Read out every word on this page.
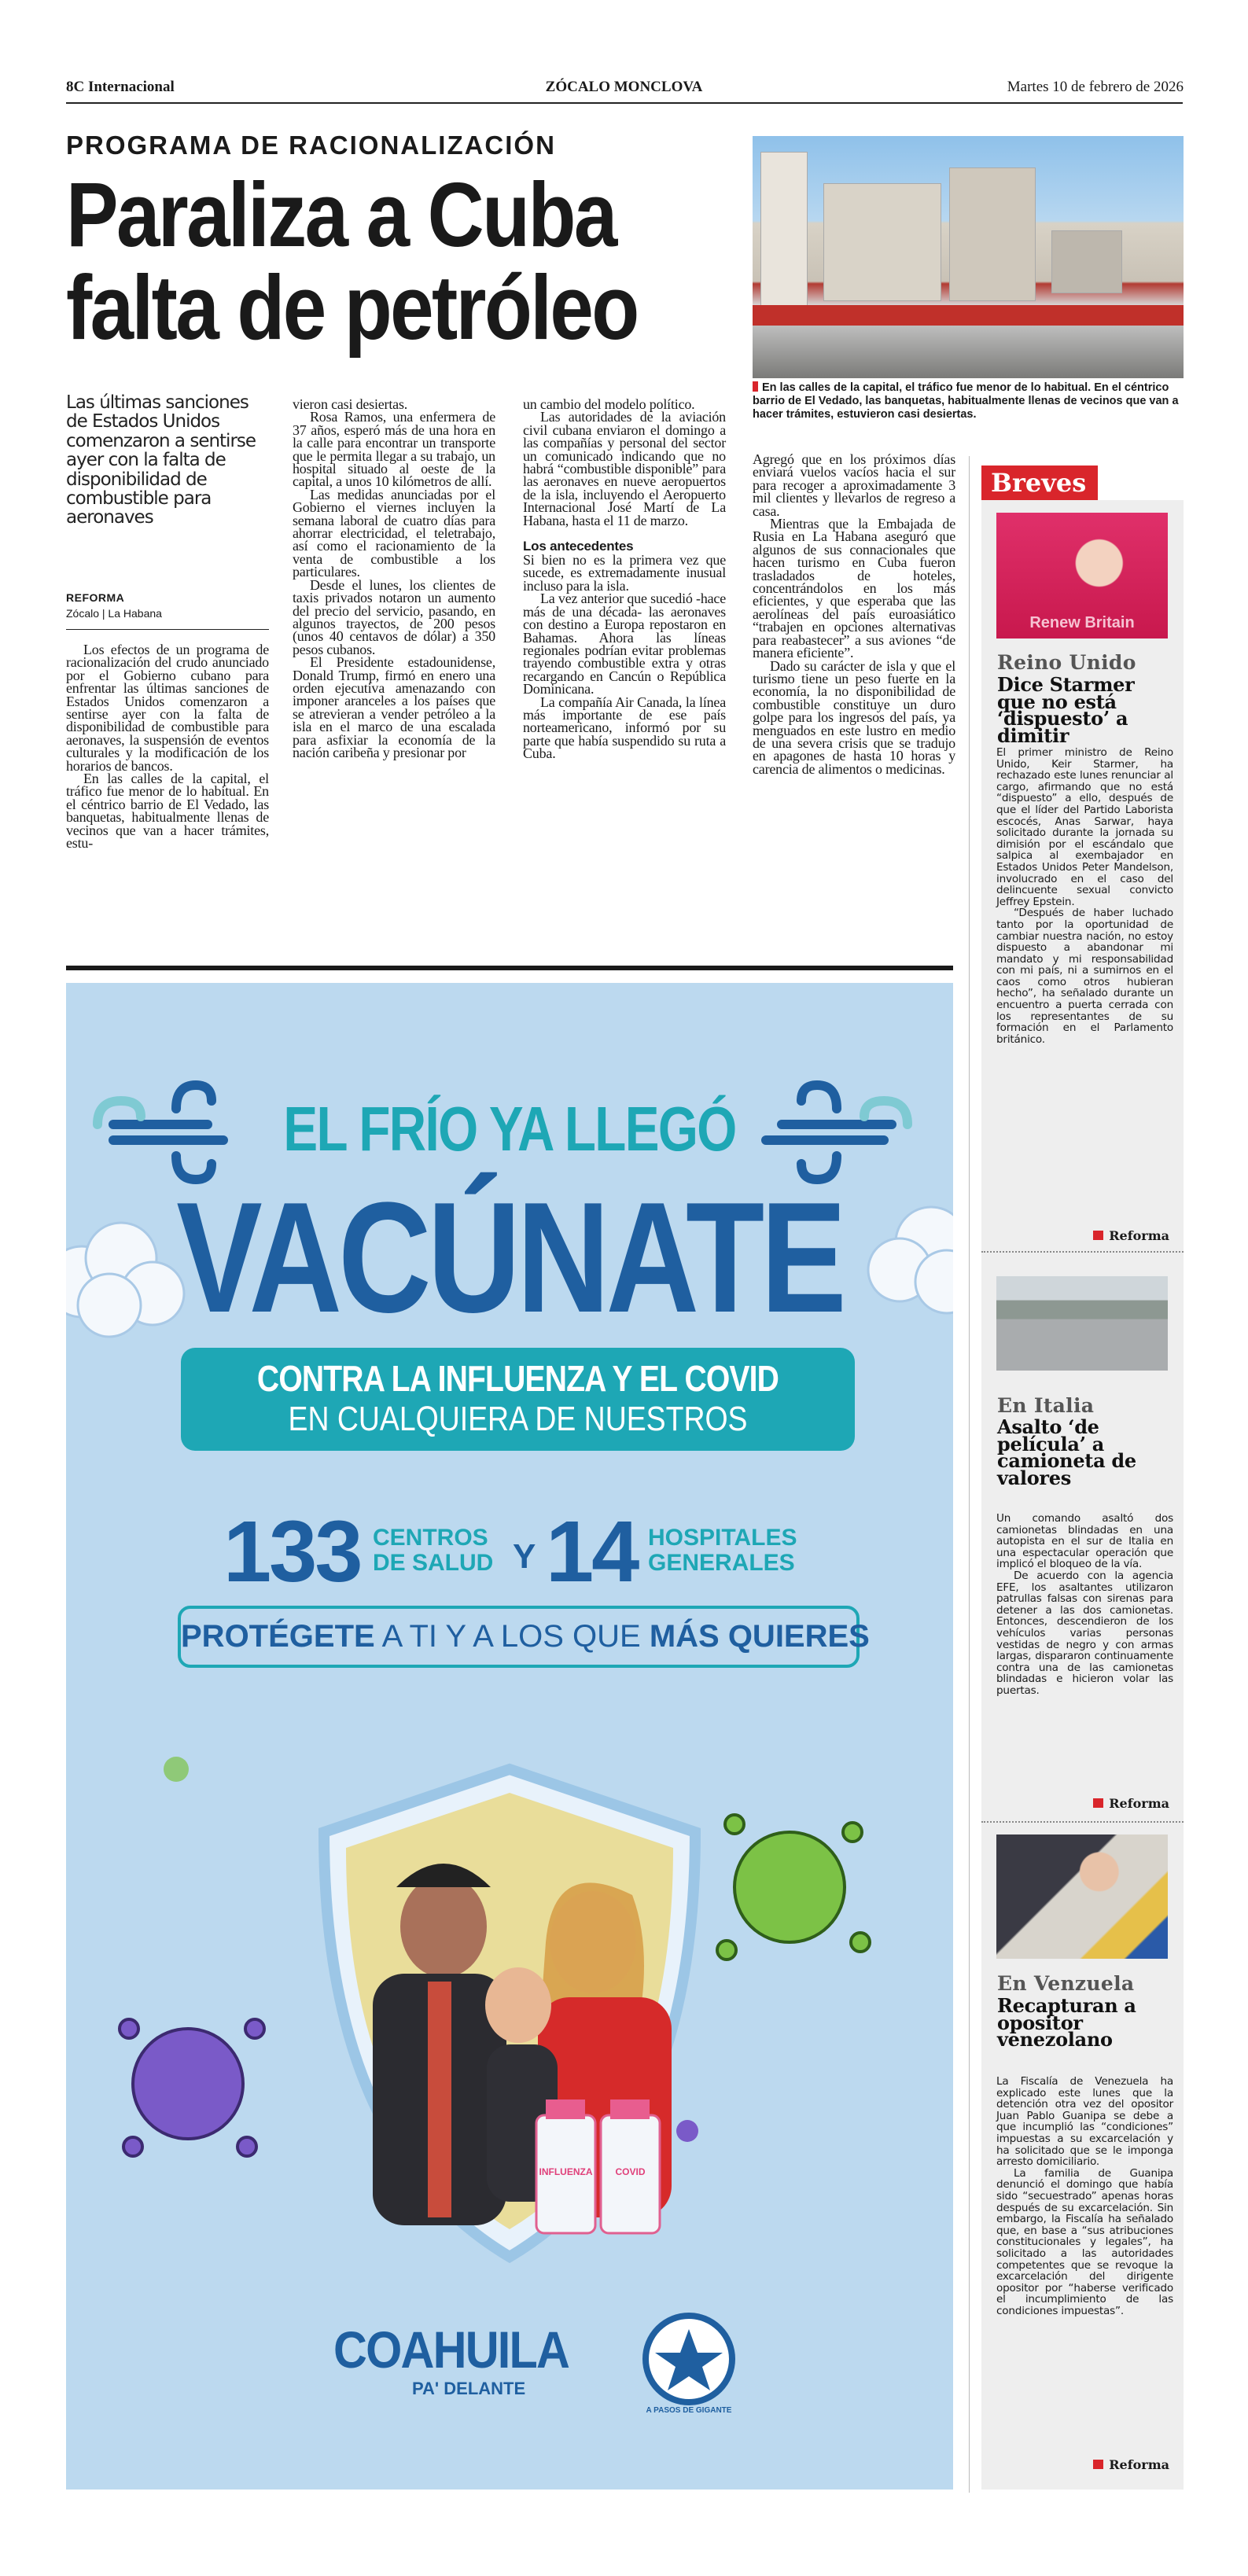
8C Internacional	ZÓCALO MONCLOVA	Martes 10 de febrero de 2026
PROGRAMA DE RACIONALIZACIÓN
Paraliza a Cuba
falta de petróleo
En las calles de la capital, el tráfico fue menor de lo habitual. En el céntrico barrio de El Vedado, las banquetas, habitualmente llenas de vecinos que van a hacer trámites, estuvieron casi desiertas.
Las últimas sanciones de Estados Unidos comenzaron a sentirse ayer con la falta de disponibilidad de combustible para aeronaves
REFORMA
Zócalo | La Habana

Los efectos de un programa de racionalización del crudo anunciado por el Gobierno cubano para enfrentar las últimas sanciones de Estados Unidos comenzaron a sentirse ayer con la falta de disponibilidad de combustible para aeronaves, la suspensión de eventos culturales y la modificación de los horarios de bancos.

En las calles de la capital, el tráfico fue menor de lo habitual. En el céntrico barrio de El Vedado, las banquetas, habitualmente llenas de vecinos que van a hacer trámites, estu-

vieron casi desiertas.

Rosa Ramos, una enfermera de 37 años, esperó más de una hora en la calle para encontrar un transporte que le permita llegar a su trabajo, un hospital situado al oeste de la capital, a unos 10 kilómetros de allí.

Las medidas anunciadas por el Gobierno el viernes incluyen la semana laboral de cuatro días para ahorrar electricidad, el teletrabajo, así como el racionamiento de la venta de combustible a los particulares.

Desde el lunes, los clientes de taxis privados notaron un aumento del precio del servicio, pasando, en algunos trayectos, de 200 pesos (unos 40 centavos de dólar) a 350 pesos cubanos.

El Presidente estadounidense, Donald Trump, firmó en enero una orden ejecutiva amenazando con imponer aranceles a los países que se atrevieran a vender petróleo a la isla en el marco de una escalada para asfixiar la economía de la nación caribeña y presionar por

un cambio del modelo político.

Las autoridades de la aviación civil cubana enviaron el domingo a las compañías y personal del sector un comunicado indicando que no habrá “combustible disponible” para las aeronaves en nueve aeropuertos de la isla, incluyendo el Aeropuerto Internacional José Martí de La Habana, hasta el 11 de marzo.

Los antecedentes

Si bien no es la primera vez que sucede, es extremadamente inusual incluso para la isla.

La vez anterior que sucedió -hace más de una década- las aeronaves con destino a Europa repostaron en Bahamas. Ahora las líneas regionales podrían evitar problemas trayendo combustible extra y otras recargando en Cancún o República Dominicana.

La compañía Air Canada, la línea más importante de ese país norteamericano, informó por su parte que había suspendido su ruta a Cuba.

Agregó que en los próximos días enviará vuelos vacíos hacia el sur para recoger a aproximadamente 3 mil clientes y llevarlos de regreso a casa.

Mientras que la Embajada de Rusia en La Habana aseguró que algunos de sus connacionales que hacen turismo en Cuba fueron trasladados de hoteles, concentrándolos en los más eficientes, y que esperaba que las aerolíneas del país euroasiático “trabajen en opciones alternativas para reabastecer” a sus aviones “de manera eficiente”.

Dado su carácter de isla y que el turismo tiene un peso fuerte en la economía, la no disponibilidad de combustible constituye un duro golpe para los ingresos del país, ya menguados en este lustro en medio de una severa crisis que se tradujo en apagones de hasta 10 horas y carencia de alimentos o medicinas.

EL FRÍO YA LLEGÓ
VACÚNATE
CONTRA LA INFLUENZA Y EL COVID
EN CUALQUIERA DE NUESTROS
133 CENTROS
DE SALUD Y 14 HOSPITALES
GENERALES
PROTÉGETE A TI Y A LOS QUE MÁS QUIERES
INFLUENZA	COVID
COAHUILA
PA' DELANTE
A PASOS DE GIGANTE
Breves
Renew Britain
Reino Unido
Dice Starmer que no está ‘dispuesto’ a dimitir

El primer ministro de Reino Unido, Keir Starmer, ha rechazado este lunes renunciar al cargo, afirmando que no está “dispuesto” a ello, después de que el líder del Partido Laborista escocés, Anas Sarwar, haya solicitado durante la jornada su dimisión por el escándalo que salpica al exembajador en Estados Unidos Peter Mandelson, involucrado en el caso del delincuente sexual convicto Jeffrey Epstein.

“Después de haber luchado tanto por la oportunidad de cambiar nuestra nación, no estoy dispuesto a abandonar mi mandato y mi responsabilidad con mi país, ni a sumirnos en el caos como otros hubieran hecho”, ha señalado durante un encuentro a puerta cerrada con los representantes de su formación en el Parlamento británico.

Reforma
En Italia
Asalto ‘de película’ a camioneta de valores

Un comando asaltó dos camionetas blindadas en una autopista en el sur de Italia en una espectacular operación que implicó el bloqueo de la vía.

De acuerdo con la agencia EFE, los asaltantes utilizaron patrullas falsas con sirenas para detener a las dos camionetas. Entonces, descendieron de los vehículos varias personas vestidas de negro y con armas largas, dispararon continuamente contra una de las camionetas blindadas e hicieron volar las puertas.

Reforma
En Venzuela
Recapturan a opositor venezolano

La Fiscalía de Venezuela ha explicado este lunes que la detención otra vez del opositor Juan Pablo Guanipa se debe a que incumplió las “condiciones” impuestas a su excarcelación y ha solicitado que se le imponga arresto domiciliario.

La familia de Guanipa denunció el domingo que había sido “secuestrado” apenas horas después de su excarcelación. Sin embargo, la Fiscalía ha señalado que, en base a “sus atribuciones constitucionales y legales”, ha solicitado a las autoridades competentes que se revoque la excarcelación del dirigente opositor por “haberse verificado el incumplimiento de las condiciones impuestas”.

Reforma
